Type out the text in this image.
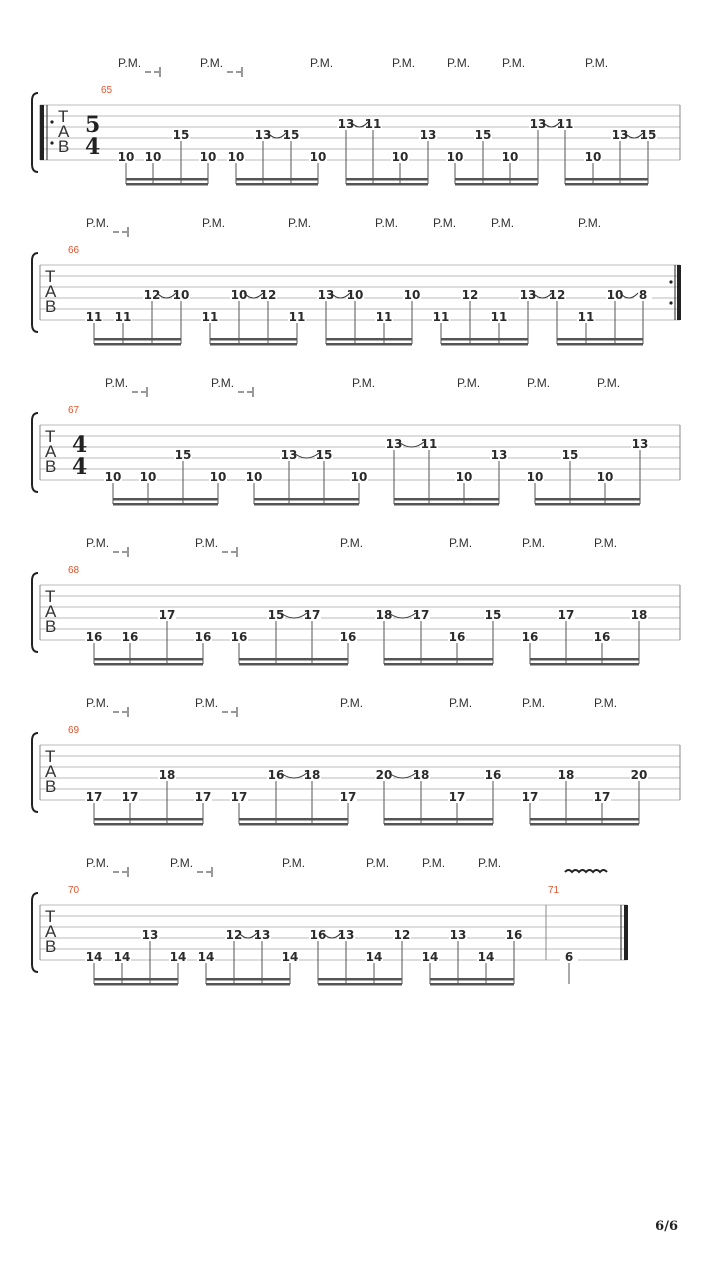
T
A
B
5
4
65
P.M.	P.M.	P.M.	P.M.	P.M.	P.M.	P.M.
10 10
15
10 10
13 15
10
13 11
10
13
10
15
10
13 11
10
13 15
T
A
B
66
P.M.	P.M.	P.M.	P.M.	P.M.	P.M.	P.M.
11 11
12 10
11
10 12
11
13 10
11
10
11
12
11
13 12
11
10 8
T
A
B
4
4
67
P.M.	P.M.	P.M.	P.M.	P.M.	P.M.
10 10
15
10 10
13 15
10
13 11
10
13
10
15
10
13
T
A
B
68
P.M.	P.M.	P.M.	P.M.	P.M.	P.M.
16 16
17
16 16
15 17
16
18 17
16
15
16
17
16
18
T
A
B
69
P.M.	P.M.	P.M.	P.M.	P.M.	P.M.
17 17
18
17 17
16 18
17
20 18
17
16
17
18
17
20
T
A
B
70
P.M.	P.M.	P.M.	P.M.	P.M.	P.M.
14 14
13
14 14
12 13
14
16 13
14
12
14
13
14
16
6
71
6/6
